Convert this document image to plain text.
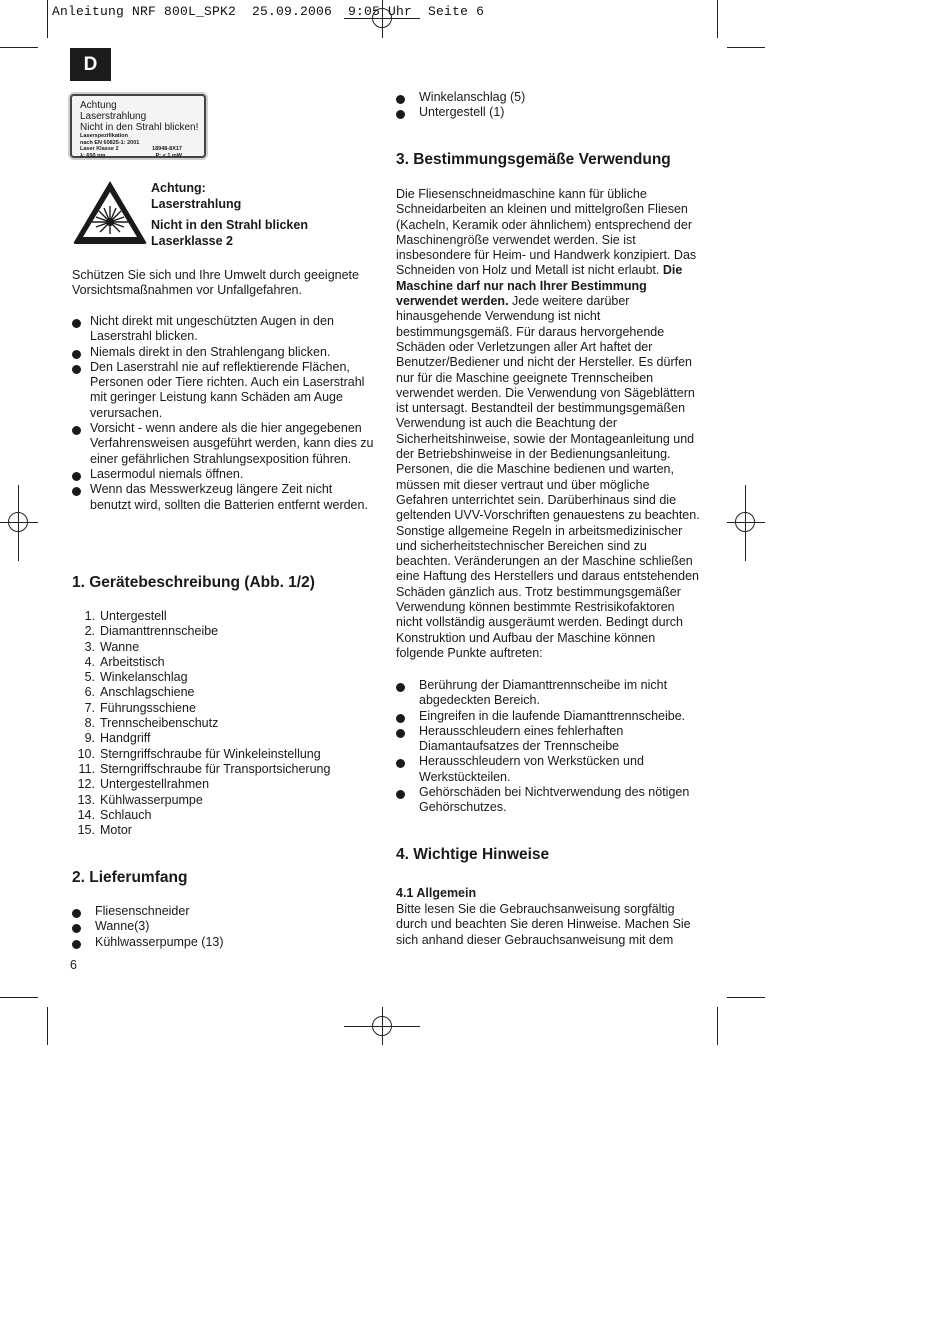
Anleitung NRF 800L_SPK2  25.09.2006  9:05 Uhr  Seite 6
D
Achtung
Laserstrahlung
Nicht in den Strahl blicken!
Laserspezifikation
nach EN 60825-1: 2001
Laser Klasse 2	18948-8X17
λ: 650 nm	P: < 1 mW
Achtung:
Laserstrahlung
Nicht in den Strahl blicken
Laserklasse 2
Schützen Sie sich und Ihre Umwelt durch geeignete Vorsichtsmaßnahmen vor Unfallgefahren.
Nicht direkt mit ungeschützten Augen in den Laserstrahl blicken.
Niemals direkt in den Strahlengang blicken.
Den Laserstrahl nie auf reflektierende Flächen, Personen oder Tiere richten. Auch ein Laserstrahl mit geringer Leistung kann Schäden am Auge verursachen.
Vorsicht - wenn andere als die hier angegebenen Verfahrensweisen ausgeführt werden, kann dies zu einer gefährlichen Strahlungsexposition führen.
Lasermodul niemals öffnen.
Wenn das Messwerkzeug längere Zeit nicht benutzt wird, sollten die Batterien entfernt werden.
1. Gerätebeschreibung (Abb. 1/2)
1. Untergestell
2. Diamanttrennscheibe
3. Wanne
4. Arbeitstisch
5. Winkelanschlag
6. Anschlagschiene
7. Führungsschiene
8. Trennscheibenschutz
9. Handgriff
10. Sterngriffschraube für Winkeleinstellung
11. Sterngriffschraube für Transportsicherung
12. Untergestellrahmen
13. Kühlwasserpumpe
14. Schlauch
15. Motor
2. Lieferumfang
Fliesenschneider
Wanne(3)
Kühlwasserpumpe (13)
6
Winkelanschlag (5)
Untergestell (1)
3. Bestimmungsgemäße Verwendung
Die Fliesenschneidmaschine kann für übliche Schneidarbeiten an kleinen und mittelgroßen Fliesen (Kacheln, Keramik oder ähnlichem) entsprechend der Maschinengröße verwendet werden. Sie ist insbesondere für Heim- und Handwerk konzipiert. Das Schneiden von Holz und Metall ist nicht erlaubt. Die Maschine darf nur nach Ihrer Bestimmung verwendet werden. Jede weitere darüber hinausgehende Verwendung ist nicht bestimmungsgemäß. Für daraus hervorgehende Schäden oder Verletzungen aller Art haftet der Benutzer/Bediener und nicht der Hersteller. Es dürfen nur für die Maschine geeignete Trennscheiben verwendet werden. Die Verwendung von Sägeblättern ist untersagt. Bestandteil der bestimmungsgemäßen Verwendung ist auch die Beachtung der Sicherheitshinweise, sowie der Montageanleitung und der Betriebshinweise in der Bedienungsanleitung. Personen, die die Maschine bedienen und warten, müssen mit dieser vertraut und über mögliche Gefahren unterrichtet sein. Darüberhinaus sind die geltenden UVV-Vorschriften genauestens zu beachten. Sonstige allgemeine Regeln in arbeitsmedizinischer und sicherheitstechnischer Bereichen sind zu beachten. Veränderungen an der Maschine schließen eine Haftung des Herstellers und daraus entstehenden Schäden gänzlich aus. Trotz bestimmungsgemäßer Verwendung können bestimmte Restrisikofaktoren nicht vollständig ausgeräumt werden. Bedingt durch Konstruktion und Aufbau der Maschine können folgende Punkte auftreten:
Berührung der Diamanttrennscheibe im nicht abgedeckten Bereich.
Eingreifen in die laufende Diamanttrennscheibe.
Herausschleudern eines fehlerhaften Diamantaufsatzes der Trennscheibe
Herausschleudern von Werkstücken und Werkstückteilen.
Gehörschäden bei Nichtverwendung des nötigen Gehörschutzes.
4. Wichtige Hinweise
4.1 Allgemein
Bitte lesen Sie die Gebrauchsanweisung sorgfältig durch und beachten Sie deren Hinweise. Machen Sie sich anhand dieser Gebrauchsanweisung mit dem
